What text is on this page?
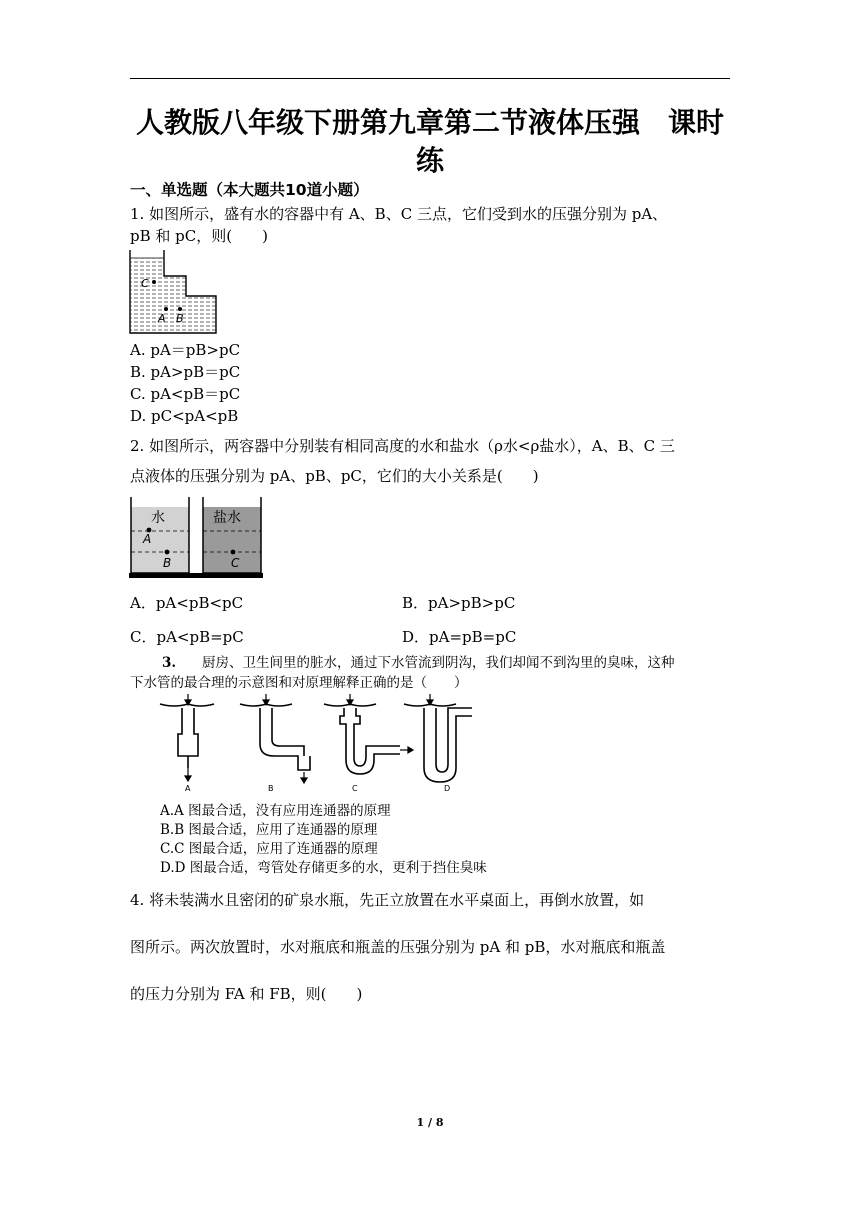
人教版八年级下册第九章第二节液体压强　课时练
一、单选题（本大题共10道小题）
1. 如图所示，盛有水的容器中有 A、B、C 三点，它们受到水的压强分别为 pA、
pB 和 pC，则(　　)
C
A B
A. pA＝pB>pC
B. pA>pB＝pC
C. pA<pB＝pC
D. pC<pA<pB
2. 如图所示，两容器中分别装有相同高度的水和盐水（ρ水<ρ盐水），A、B、C 三
点液体的压强分别为 pA、pB、pC，它们的大小关系是(　　)
水	盐水
A
B	C
A．pA<pB<pC	B．pA>pB>pC
C．pA<pB=pC	D．pA=pB=pC
3. 厨房、卫生间里的脏水，通过下水管流到阴沟，我们却闻不到沟里的臭味，这种
下水管的最合理的示意图和对原理解释正确的是（　　）
A	B	C	D
A.A 图最合适，没有应用连通器的原理
B.B 图最合适，应用了连通器的原理
C.C 图最合适，应用了连通器的原理
D.D 图最合适，弯管处存储更多的水，更利于挡住臭味
4. 将未装满水且密闭的矿泉水瓶，先正立放置在水平桌面上，再倒水放置，如
图所示。两次放置时，水对瓶底和瓶盖的压强分别为 pA 和 pB，水对瓶底和瓶盖
的压力分别为 FA 和 FB，则(　　)
1 / 8
